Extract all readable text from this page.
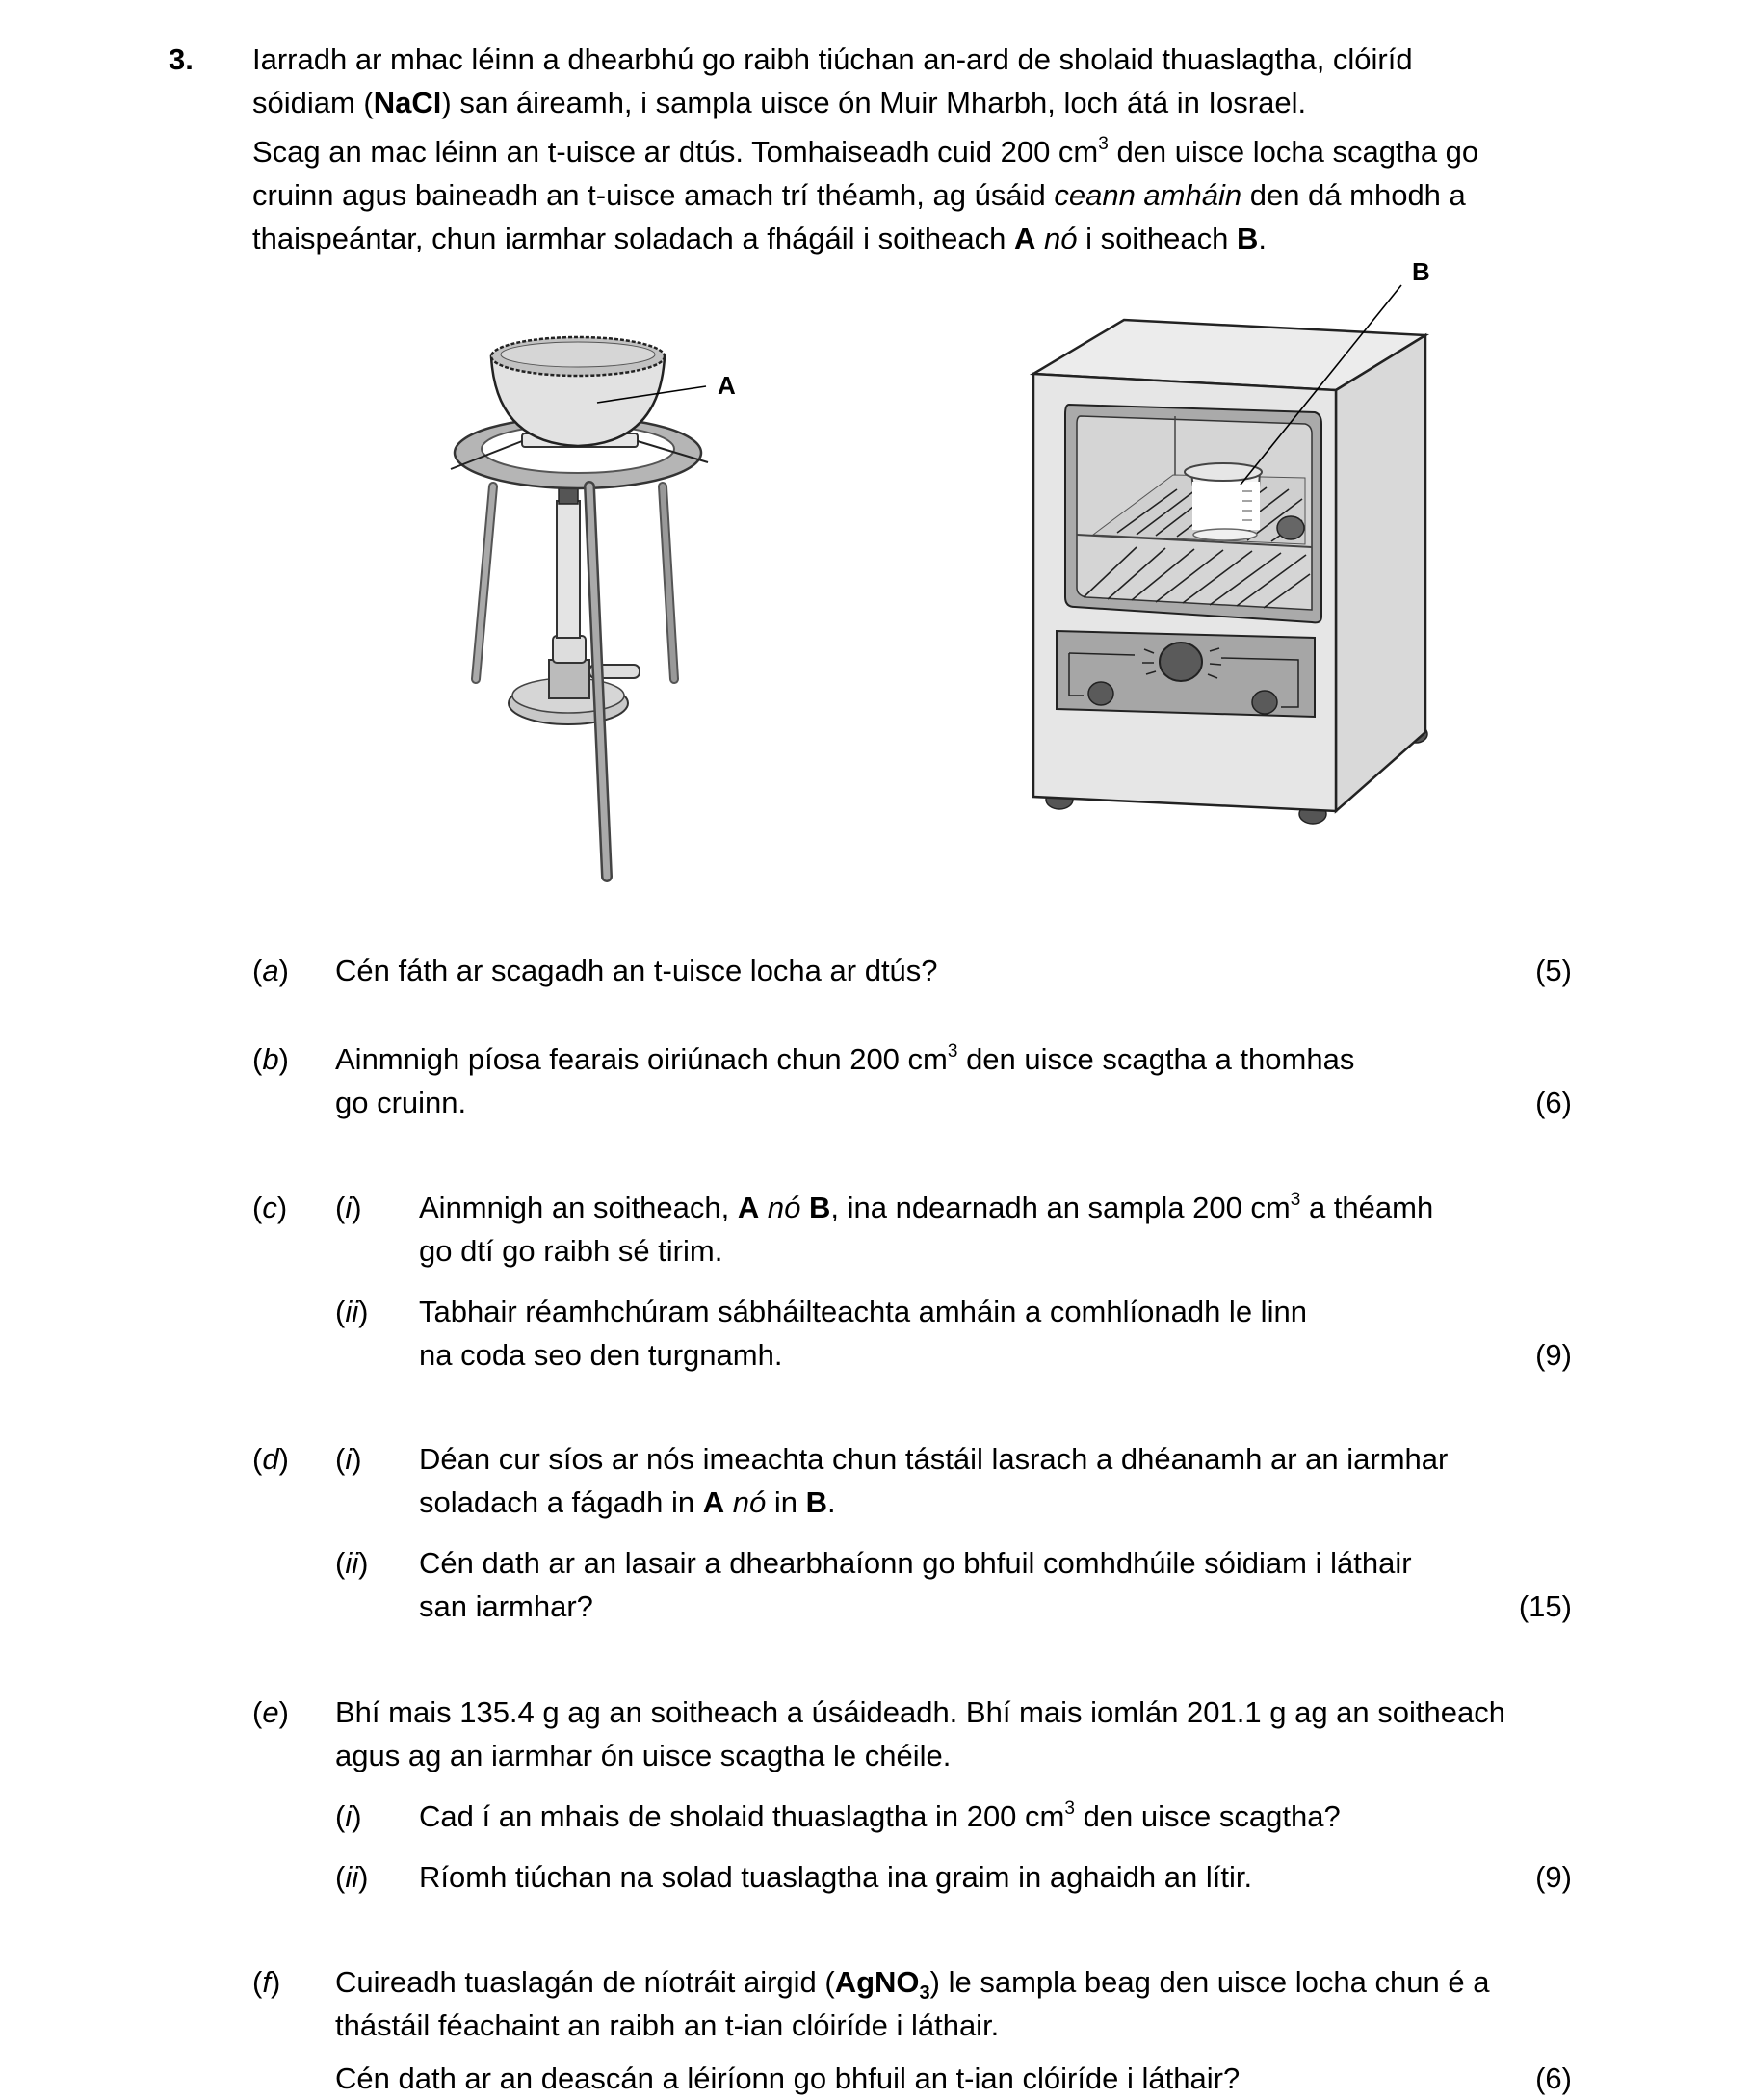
3. Iarradh ar mhac léinn a dhearbhú go raibh tiúchan an-ard de sholaid thuaslagtha, clóiríd
sóidiam (NaCl) san áireamh, i sampla uisce ón Muir Mharbh, loch átá in Iosrael.
Scag an mac léinn an t-uisce ar dtús. Tomhaiseadh cuid 200 $cm^3$ den uisce locha scagtha go
cruinn agus baineadh an t-uisce amach trí théamh, ag úsáid ceann amháin den dá mhodh a
thaispeántar, chun iarmhar soladach a fhágáil i soitheach A nó i soitheach B.
A
B
(a) Cén fáth ar scagadh an t-uisce locha ar dtús?	(5)
(b) Ainmnigh píosa fearais oiriúnach chun 200 $cm^3$ den uisce scagtha a thomhas
go cruinn.	(6)
(c) (i) Ainmnigh an soitheach, A nó B, ina ndearnadh an sampla 200 $cm^3$ a théamh
go dtí go raibh sé tirim.
(ii) Tabhair réamhchúram sábháilteachta amháin a comhlíonadh le linn
na coda seo den turgnamh.	(9)
(d) (i) Déan cur síos ar nós imeachta chun tástáil lasrach a dhéanamh ar an iarmhar
soladach a fágadh in A nó in B.
(ii) Cén dath ar an lasair a dhearbhaíonn go bhfuil comhdhúile sóidiam i láthair
san iarmhar?	(15)
(e) Bhí mais 135.4 g ag an soitheach a úsáideadh. Bhí mais iomlán 201.1 g ag an soitheach
agus ag an iarmhar ón uisce scagtha le chéile.
(i) Cad í an mhais de sholaid thuaslagtha in 200 $cm^3$ den uisce scagtha?
(ii) Ríomh tiúchan na solad tuaslagtha ina graim in aghaidh an lítir.	(9)
(f) Cuireadh tuaslagán de níotráit airgid (AgNO$_3$) le sampla beag den uisce locha chun é a
thástáil féachaint an raibh an t-ian clóiríde i láthair.
Cén dath ar an deascán a léiríonn go bhfuil an t-ian clóiríde i láthair?	(6)
